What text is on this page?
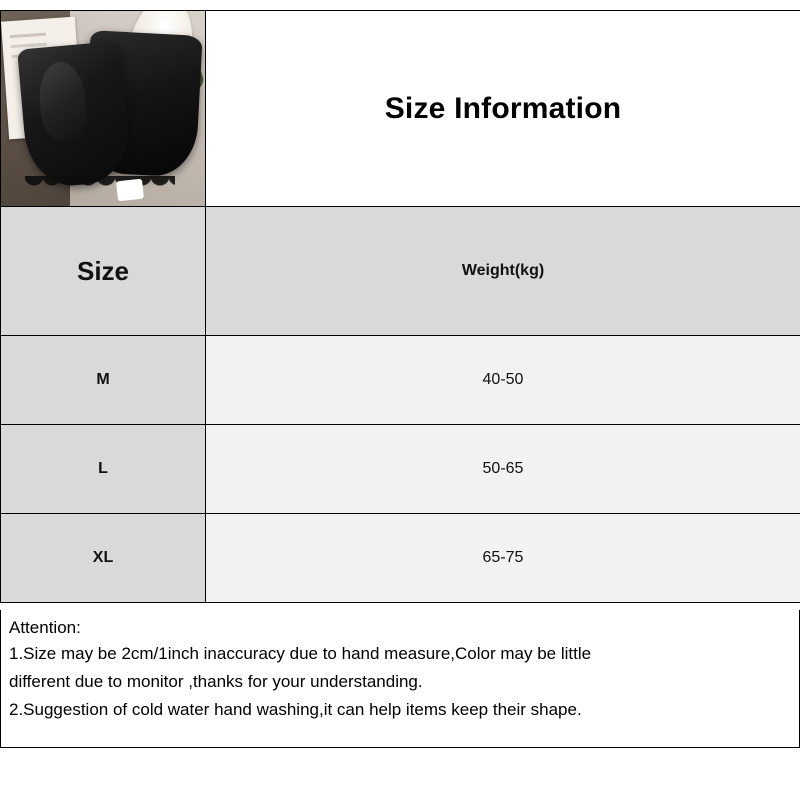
	Size Information
Size	Weight(kg)
M	40-50
L	50-65
XL	65-75

Attention:

1.Size may be 2cm/1inch inaccuracy due to hand measure,Color may be little

different due to monitor ,thanks for your understanding.

2.Suggestion of cold water hand washing,it can help items keep their shape.
